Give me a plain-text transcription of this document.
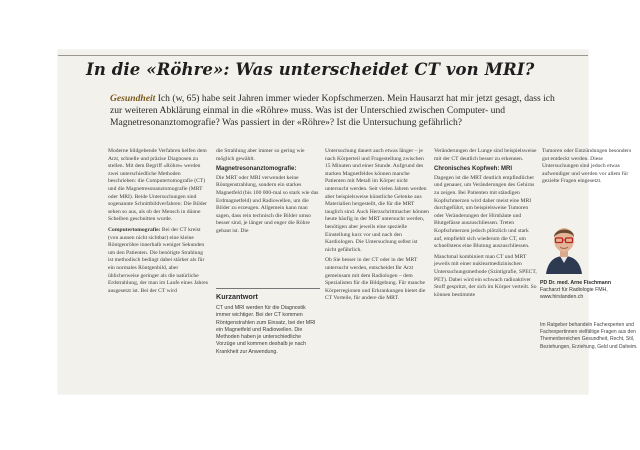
In die «Röhre»: Was unterscheidet CT von MRI?

Gesundheit Ich (w, 65) habe seit Jahren immer wieder Kopfschmerzen. Mein Hausarzt hat mir jetzt gesagt, dass ich zur weiteren Abklärung einmal in die «Röhre» muss. Was ist der Unterschied zwischen Computer- und Magnetresonanztomografie? Was passiert in der «Röhre»? Ist die Untersuchung gefährlich?

Moderne bildgebende Verfahren helfen dem Arzt, schnelle und präzise Diagnosen zu stellen. Mit dem Begriff «Röhre» werden zwei unterschiedliche Methoden beschrieben: die Computertomografie (CT) und die Magnetresonanztomografie (MRT oder MRI). Beide Untersuchungen sind sogenannte Schnittbildverfahren: Die Bilder sehen so aus, als ob der Mensch in dünne Scheiben geschnitten wurde.

Computertomografie: Bei der CT kreist (von aussen nicht sichtbar) eine kleine Röntgenröhre innerhalb weniger Sekunden um den Patienten. Die benötigte Strahlung ist methodisch bedingt dabei stärker als für ein normales Röntgenbild, aber üblicherweise geringer als die natürliche Erdstrahlung, der man im Laufe eines Jahres ausgesetzt ist. Bei der CT wird

die Strahlung aber immer so gering wie möglich gewählt.

Magnetresonanztomografie:

Die MRT oder MRI verwendet keine Röntgenstrahlung, sondern ein starkes Magnetfeld (bis 100 000-mal so stark wie das Erdmagnetfeld) und Radiowellen, um die Bilder zu erzeugen. Allgemein kann man sagen, dass rein technisch die Bilder umso besser sind, je länger und enger die Röhre gebaut ist. Die

Kurzantwort

CT und MRI werden für die Diagnostik immer wichtiger. Bei der CT kommen Röntgenstrahlen zum Einsatz, bei der MRI ein Magnetfeld und Radiowellen. Die Methoden haben je unterschiedliche Vorzüge und kommen deshalb je nach Krankheit zur Anwendung.

Untersuchung dauert auch etwas länger – je nach Körperteil und Fragestellung zwischen 15 Minuten und einer Stunde. Aufgrund des starken Magnetfeldes können manche Patienten mit Metall im Körper nicht untersucht werden. Seit vielen Jahren werden aber beispielsweise künstliche Gelenke aus Materialien hergestellt, die für die MRT tauglich sind. Auch Herzschrittmacher können heute häufig in der MRT untersucht werden, benötigen aber jeweils eine spezielle Einstellung kurz vor und nach den Kardiologen. Die Untersuchung selbst ist nicht gefährlich.

Ob Sie besser in der CT oder in der MRT untersucht werden, entscheidet Ihr Arzt gemeinsam mit dem Radiologen – dem Spezialisten für die Bildgebung. Für manche Körperregionen und Erkrankungen bietet die CT Vorteile, für andere die MRT.

Veränderungen der Lunge sind beispielsweise mit der CT deutlich besser zu erkennen.

Chronisches Kopfweh: MRI

Dagegen ist die MRT deutlich empfindlicher und genauer, um Veränderungen des Gehirns zu zeigen. Bei Patienten mit ständigen Kopfschmerzen wird daher meist eine MRI durchgeführt, um beispielsweise Tumoren oder Veränderungen der Hirnhäute und Blutgefässe auszuschliessen. Treten Kopfschmerzen jedoch plötzlich und stark auf, empfiehlt sich wiederum die CT, um schnellstens eine Blutung auszuschliessen.

Manchmal kombiniert man CT und MRT jeweils mit einer nuklearmedizinischen Untersuchungsmethode (Szintigrafie, SPECT, PET). Dabei wird ein schwach radioaktiver Stoff gespritzt, der sich im Körper verteilt. So können bestimmte

Tumoren oder Entzündungen besonders gut entdeckt werden. Diese Untersuchungen sind jedoch etwas aufwendiger und werden vor allem für gezielte Fragen eingesetzt.

PD Dr. med. Arne Fischmann
Facharzt für Radiologie FMH,
www.hirslanden.ch
Im Ratgeber behandeln Fachexperten und Fachexpertinnen vielfältige Fragen aus den Themenbereichen Gesundheit, Recht, Stil, Beziehungen, Erziehung, Geld und Daheim.
